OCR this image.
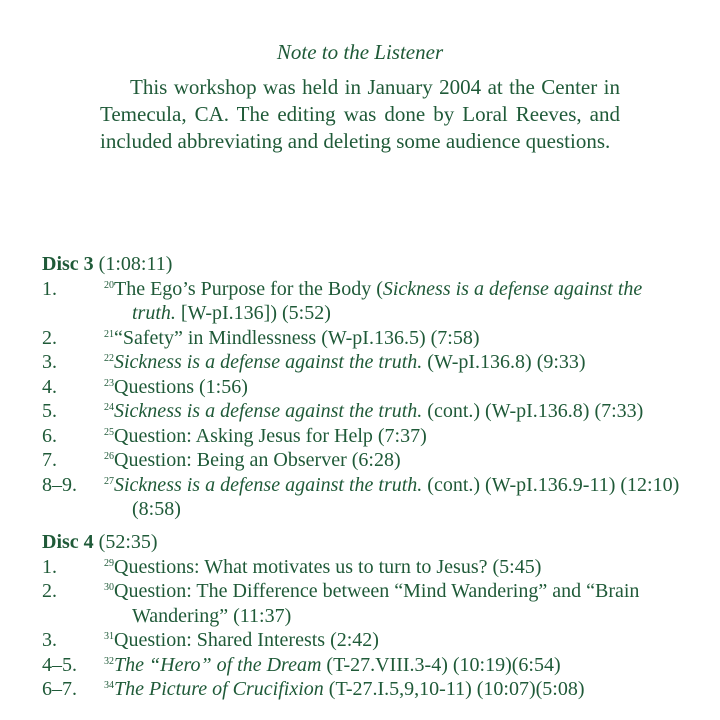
Note to the Listener

This workshop was held in January 2004 at the Center in Temecula, CA. The editing was done by Loral Reeves, and included abbreviating and deleting some audience questions.

Disc 3 (1:08:11)

1.	$^{20}$The Ego’s Purpose for the Body (Sickness is a defense against the truth. [W-pI.136]) (5:52)
2.	$^{21}$“Safety” in Mindlessness (W-pI.136.5) (7:58)
3.	$^{22}$Sickness is a defense against the truth. (W-pI.136.8) (9:33)
4.	$^{23}$Questions (1:56)
5.	$^{24}$Sickness is a defense against the truth. (cont.) (W-pI.136.8) (7:33)
6.	$^{25}$Question: Asking Jesus for Help (7:37)
7.	$^{26}$Question: Being an Observer (6:28)
8–9.	$^{27}$Sickness is a defense against the truth. (cont.) (W-pI.136.9-11) (12:10)(8:58)

Disc 4 (52:35)

1.	$^{29}$Questions: What motivates us to turn to Jesus? (5:45)
2.	$^{30}$Question: The Difference between “Mind Wandering” and “Brain Wandering” (11:37)
3.	$^{31}$Question: Shared Interests (2:42)
4–5.	$^{32}$The “Hero” of the Dream (T-27.VIII.3-4) (10:19)(6:54)
6–7.	$^{34}$The Picture of Crucifixion (T-27.I.5,9,10-11) (10:07)(5:08)
